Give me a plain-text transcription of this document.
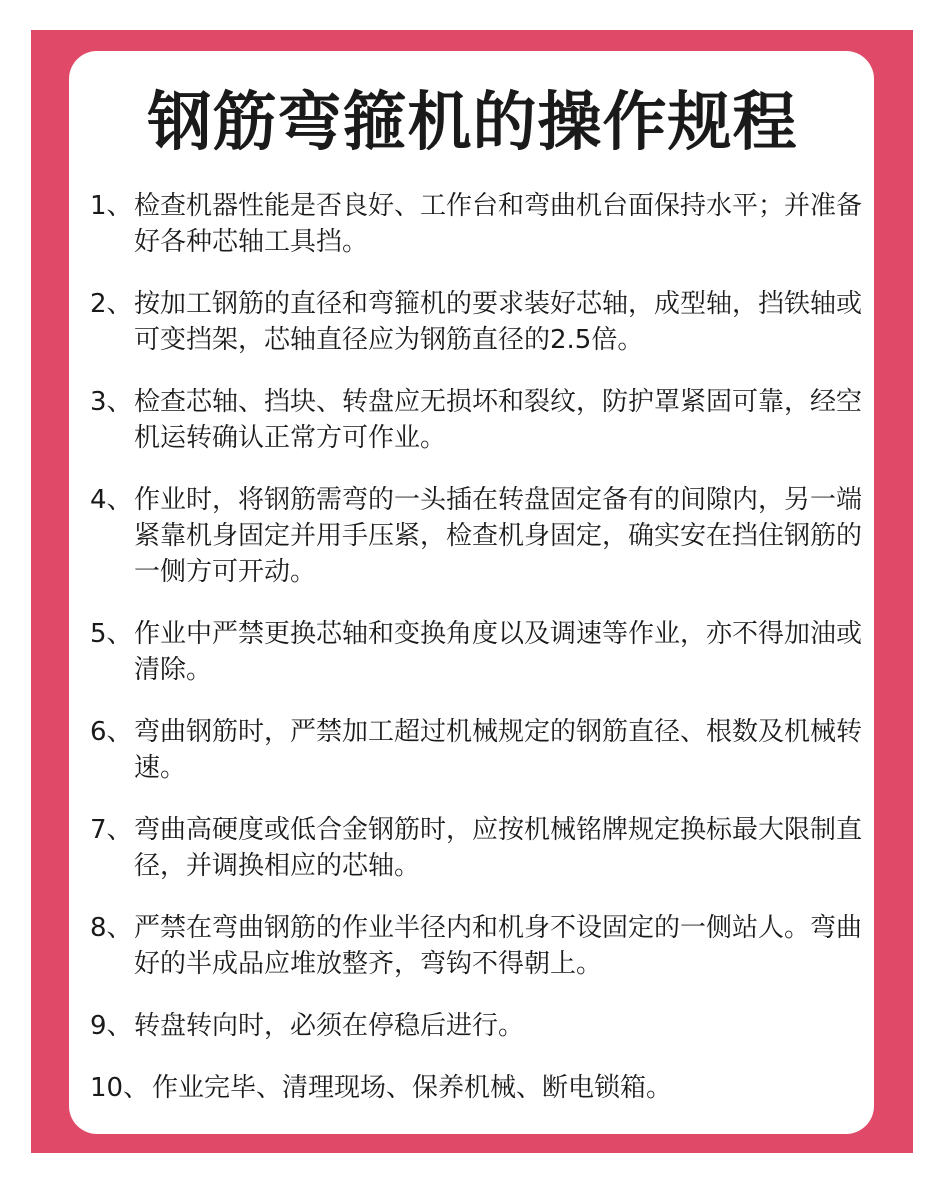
钢筋弯箍机的操作规程
1、 检查机器性能是否良好、工作台和弯曲机台面保持水平；并准备好各种芯轴工具挡。
2、 按加工钢筋的直径和弯箍机的要求装好芯轴，成型轴，挡铁轴或可变挡架，芯轴直径应为钢筋直径的2.5倍。
3、 检查芯轴、挡块、转盘应无损坏和裂纹，防护罩紧固可靠，经空机运转确认正常方可作业。
4、 作业时，将钢筋需弯的一头插在转盘固定备有的间隙内，另一端紧靠机身固定并用手压紧，检查机身固定，确实安在挡住钢筋的一侧方可开动。
5、 作业中严禁更换芯轴和变换角度以及调速等作业，亦不得加油或清除。
6、 弯曲钢筋时，严禁加工超过机械规定的钢筋直径、根数及机械转速。
7、 弯曲高硬度或低合金钢筋时，应按机械铭牌规定换标最大限制直径，并调换相应的芯轴。
8、 严禁在弯曲钢筋的作业半径内和机身不设固定的一侧站人。弯曲好的半成品应堆放整齐，弯钩不得朝上。
9、 转盘转向时，必须在停稳后进行。
10、 作业完毕、清理现场、保养机械、断电锁箱。
